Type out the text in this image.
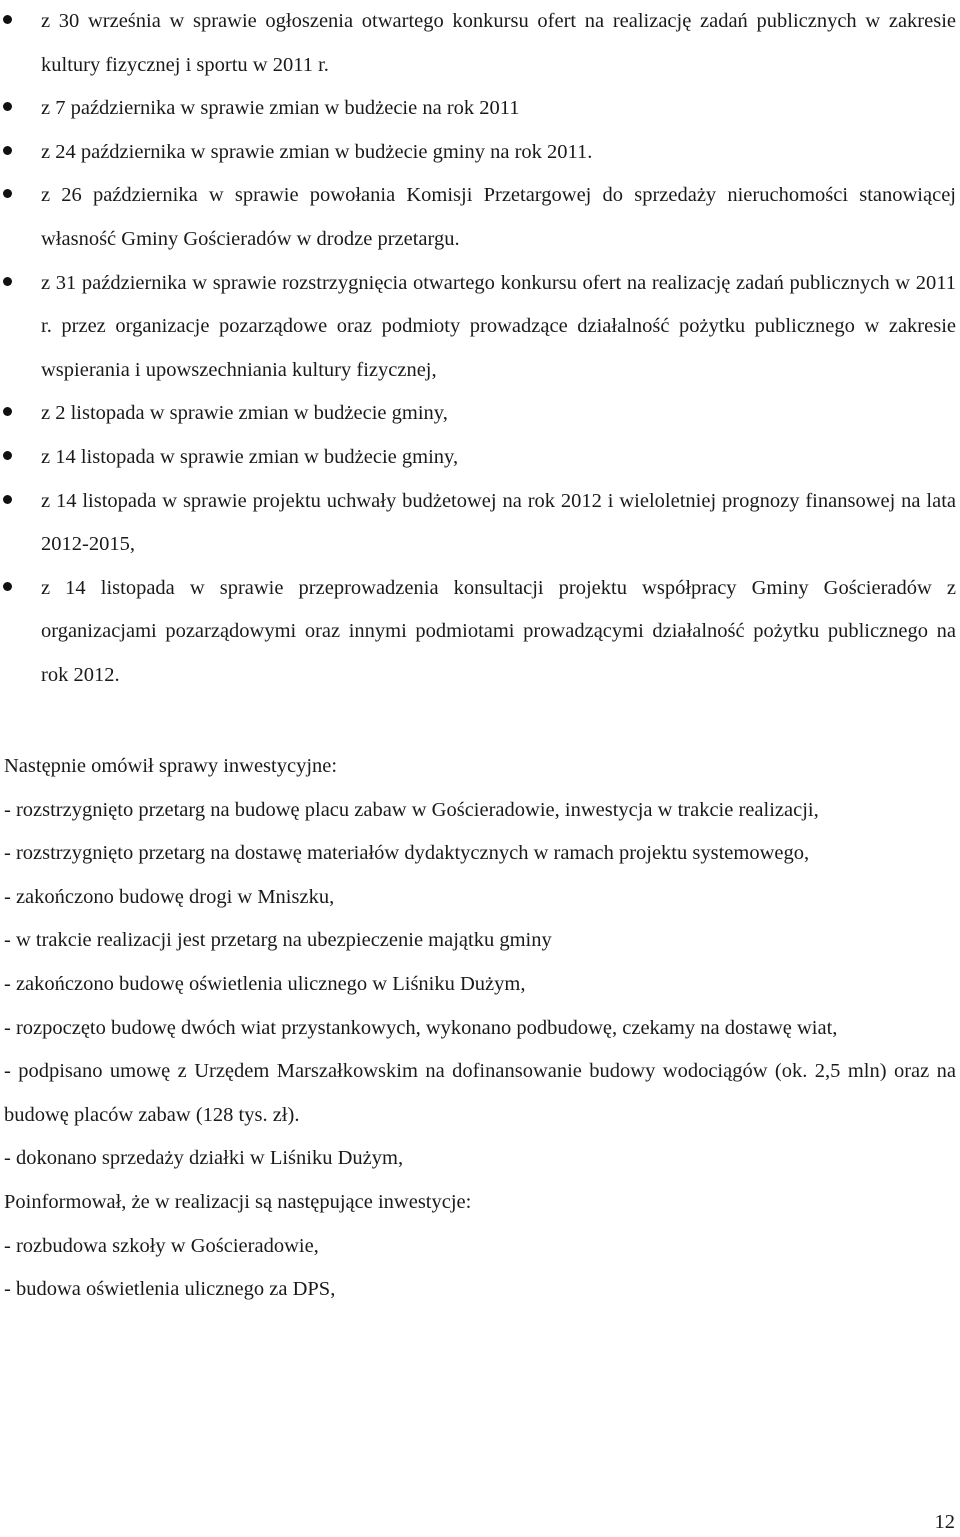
z 30 września w sprawie ogłoszenia otwartego konkursu ofert na realizację zadań publicznych w zakresie kultury fizycznej i sportu w 2011 r.
z 7 października w sprawie zmian w budżecie na rok 2011
z 24 października w sprawie zmian w budżecie gminy na rok 2011.
z 26 października w sprawie powołania Komisji Przetargowej do sprzedaży nieruchomości stanowiącej własność Gminy Gościeradów w drodze przetargu.
z 31 października w sprawie rozstrzygnięcia otwartego konkursu ofert na realizację zadań publicznych w 2011 r. przez organizacje pozarządowe oraz podmioty prowadzące działalność pożytku publicznego w zakresie wspierania i upowszechniania kultury fizycznej,
z 2 listopada w sprawie zmian w budżecie gminy,
z 14 listopada w sprawie zmian w budżecie gminy,
z 14 listopada w sprawie projektu uchwały budżetowej na rok 2012 i wieloletniej prognozy finansowej na lata 2012-2015,
z 14 listopada w sprawie przeprowadzenia konsultacji projektu współpracy Gminy Gościeradów z organizacjami pozarządowymi oraz innymi podmiotami prowadzącymi działalność pożytku publicznego na rok 2012.

Następnie omówił sprawy inwestycyjne:

- rozstrzygnięto przetarg na budowę placu zabaw w Gościeradowie, inwestycja w trakcie realizacji,

- rozstrzygnięto przetarg na dostawę materiałów dydaktycznych w ramach projektu systemowego,

- zakończono budowę drogi w Mniszku,

- w trakcie realizacji jest przetarg na ubezpieczenie majątku gminy

- zakończono budowę oświetlenia ulicznego w Liśniku Dużym,

- rozpoczęto budowę dwóch wiat przystankowych, wykonano podbudowę, czekamy na dostawę wiat,

- podpisano umowę z Urzędem Marszałkowskim na dofinansowanie budowy wodociągów (ok. 2,5 mln) oraz na budowę placów zabaw (128 tys. zł).

- dokonano sprzedaży działki w Liśniku Dużym,

Poinformował, że w realizacji są następujące inwestycje:

- rozbudowa szkoły w Gościeradowie,

- budowa oświetlenia ulicznego za DPS,

12
